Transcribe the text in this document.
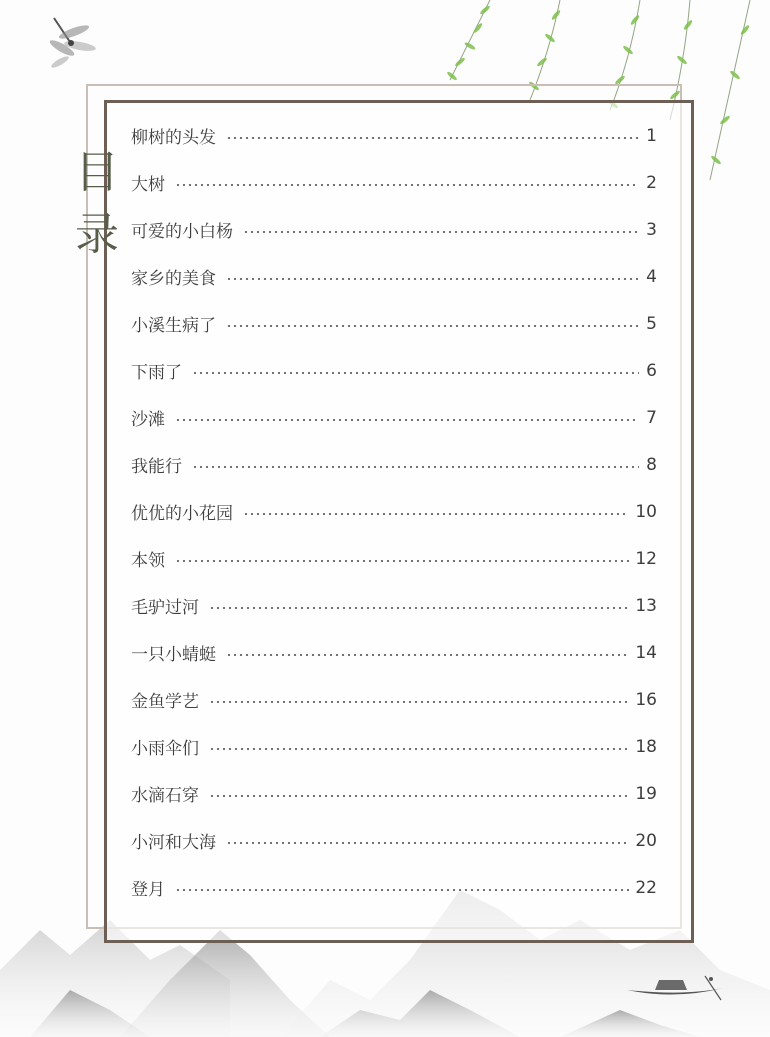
目
录
柳树的头发	1
大树	2
可爱的小白杨	3
家乡的美食	4
小溪生病了	5
下雨了	6
沙滩	7
我能行	8
优优的小花园	10
本领	12
毛驴过河	13
一只小蜻蜓	14
金鱼学艺	16
小雨伞们	18
水滴石穿	19
小河和大海	20
登月	22
